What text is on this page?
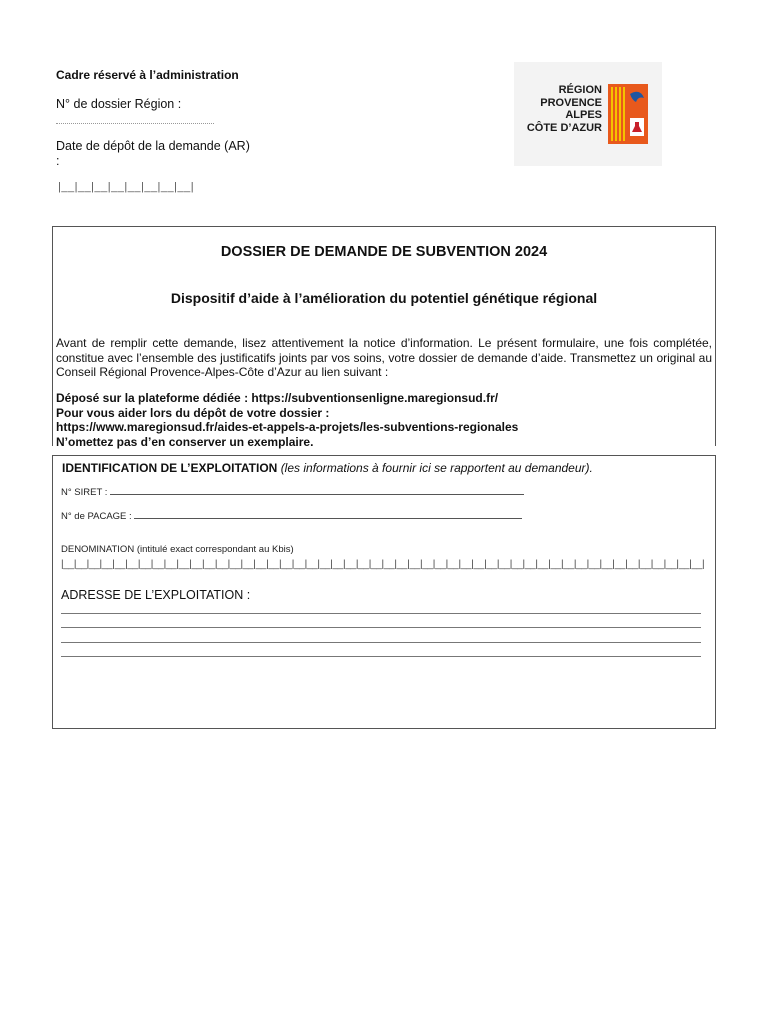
Cadre réservé à l’administration
N° de dossier Région :
Date de dépôt de la demande (AR) :
|__|__|__|__|__|__|__|__|
RÉGION
PROVENCE
ALPES
CÔTE D’AZUR
DOSSIER DE DEMANDE DE SUBVENTION 2024
Dispositif d’aide à l’amélioration du potentiel génétique régional
Avant de remplir cette demande, lisez attentivement la notice d’information. Le présent formulaire, une fois complétée, constitue avec l’ensemble des justificatifs joints par vos soins, votre dossier de demande d’aide. Transmettez un original au Conseil Régional Provence-Alpes-Côte d’Azur au lien suivant :
Déposé sur la plateforme dédiée : https://subventionsenligne.maregionsud.fr/
Pour vous aider lors du dépôt de votre dossier :
https://www.maregionsud.fr/aides-et-appels-a-projets/les-subventions-regionales
N’omettez pas d’en conserver un exemplaire.
IDENTIFICATION DE L’EXPLOITATION (les informations à fournir ici se rapportent au demandeur).
N° SIRET :
N° de PACAGE :
DENOMINATION (intitulé exact correspondant au Kbis)
|__|__|__|__|__|__|__|__|__|__|__|__|__|__|__|__|__|__|__|__|__|__|__|__|__|__|__|__|__|__|__|__|__|__|__|__|__|__|__|__|__|__|__|__|__|__|__|__|__|__|
ADRESSE DE L’EXPLOITATION :
